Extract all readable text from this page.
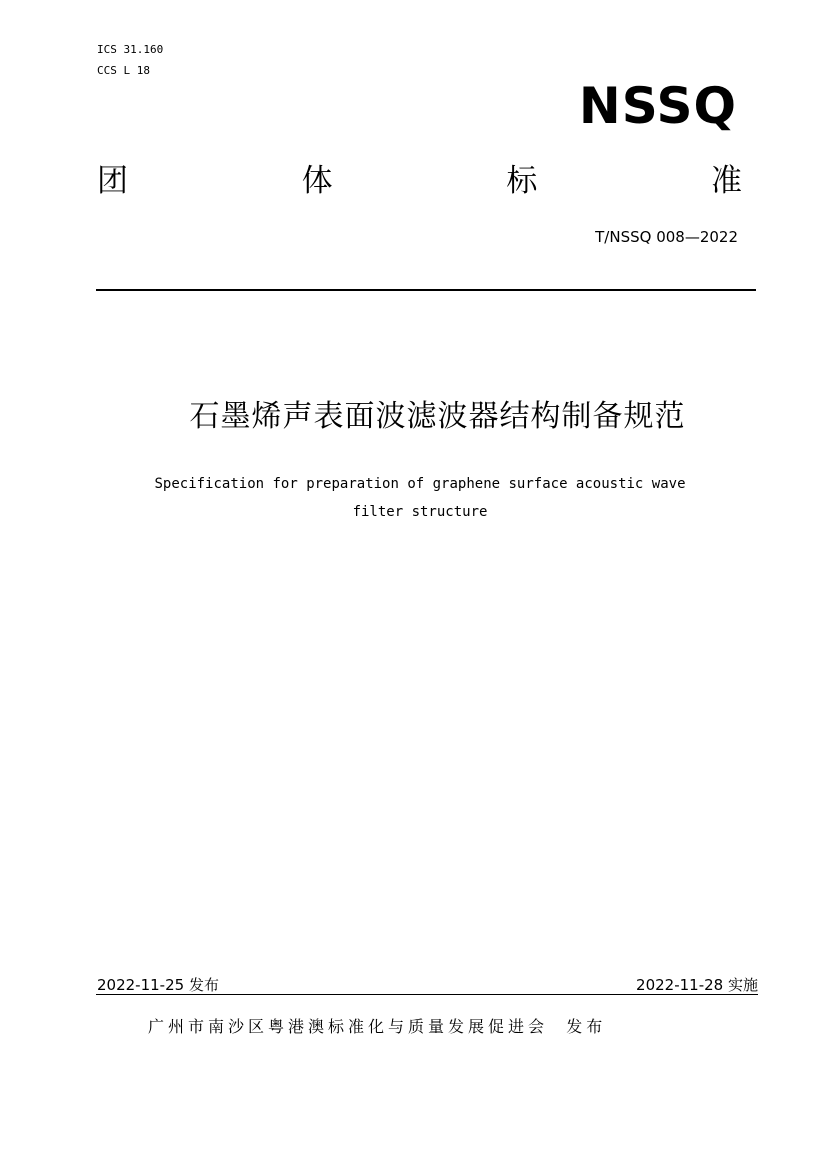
ICS 31.160
CCS L 18
NSSQ
团	体	标	准
T/NSSQ 008—2022
石墨烯声表面波滤波器结构制备规范
Specification for preparation of graphene surface acoustic wave
filter structure
2022-11-25 发布	2022-11-28 实施
广州市南沙区粤港澳标准化与质量发展促进会 发布
